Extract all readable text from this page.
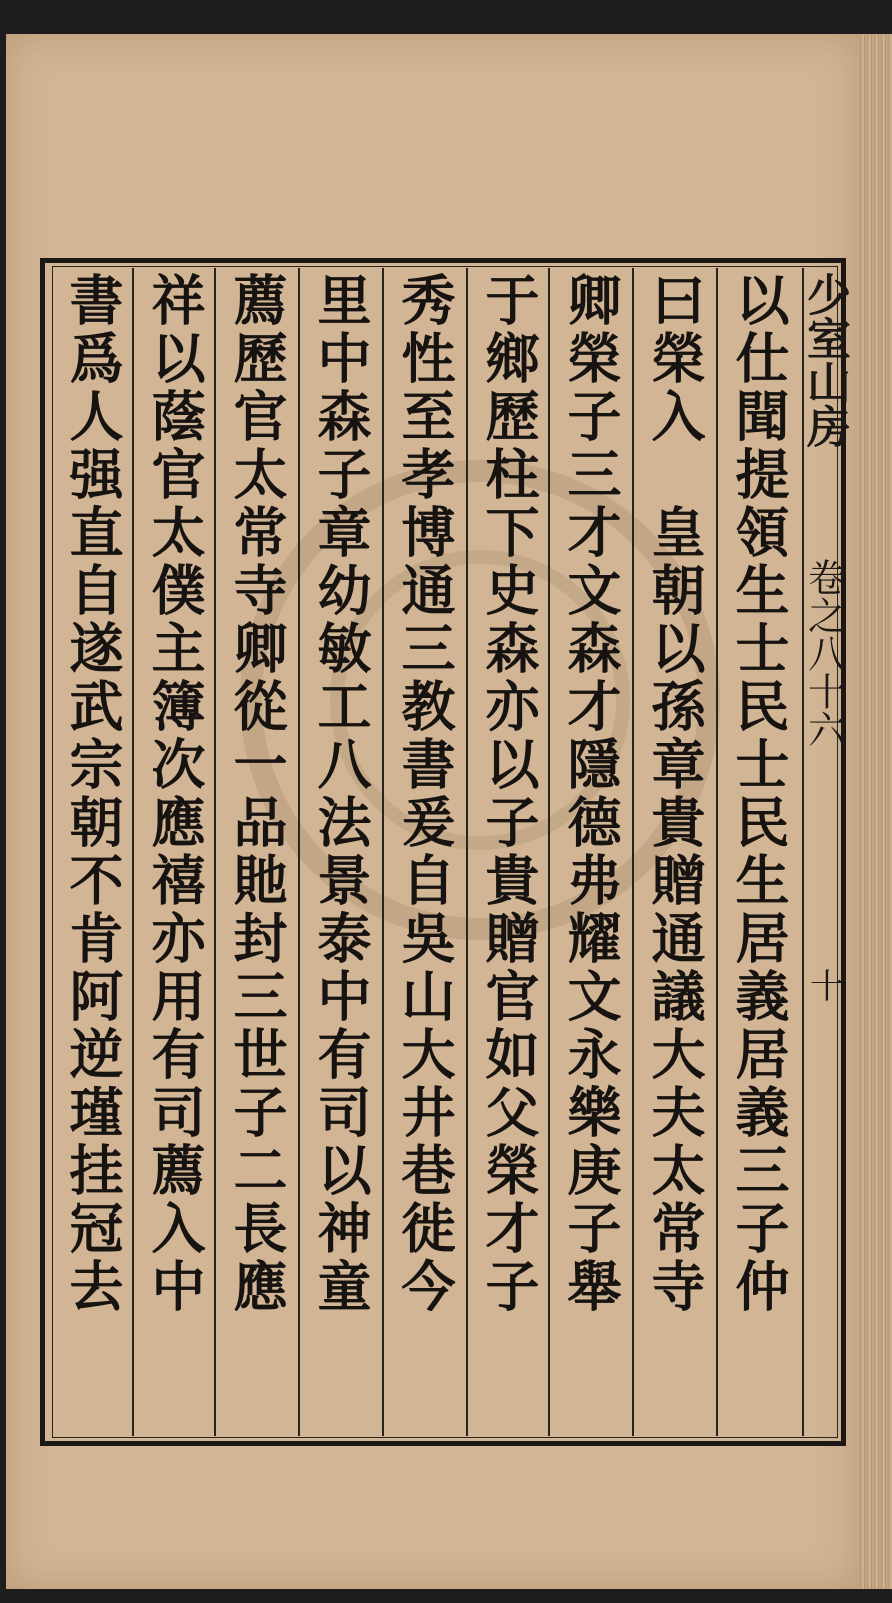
少室山房
卷之八十六
十
以仕聞提領生士民士民生居義居義三子仲
曰榮入　皇朝以孫章貴贈通議大夫太常寺
卿榮子三才文森才隱德弗耀文永樂庚子舉
于鄉歷柱下史森亦以子貴贈官如父榮才子
秀性至孝博通三教書爰自吳山大井巷徙今
里中森子章幼敏工八法景泰中有司以神童
薦歷官太常寺卿從一品貤封三世子二長應
祥以蔭官太僕主簿次應禧亦用有司薦入中
書爲人强直自遂武宗朝不肯阿逆瑾挂冠去
